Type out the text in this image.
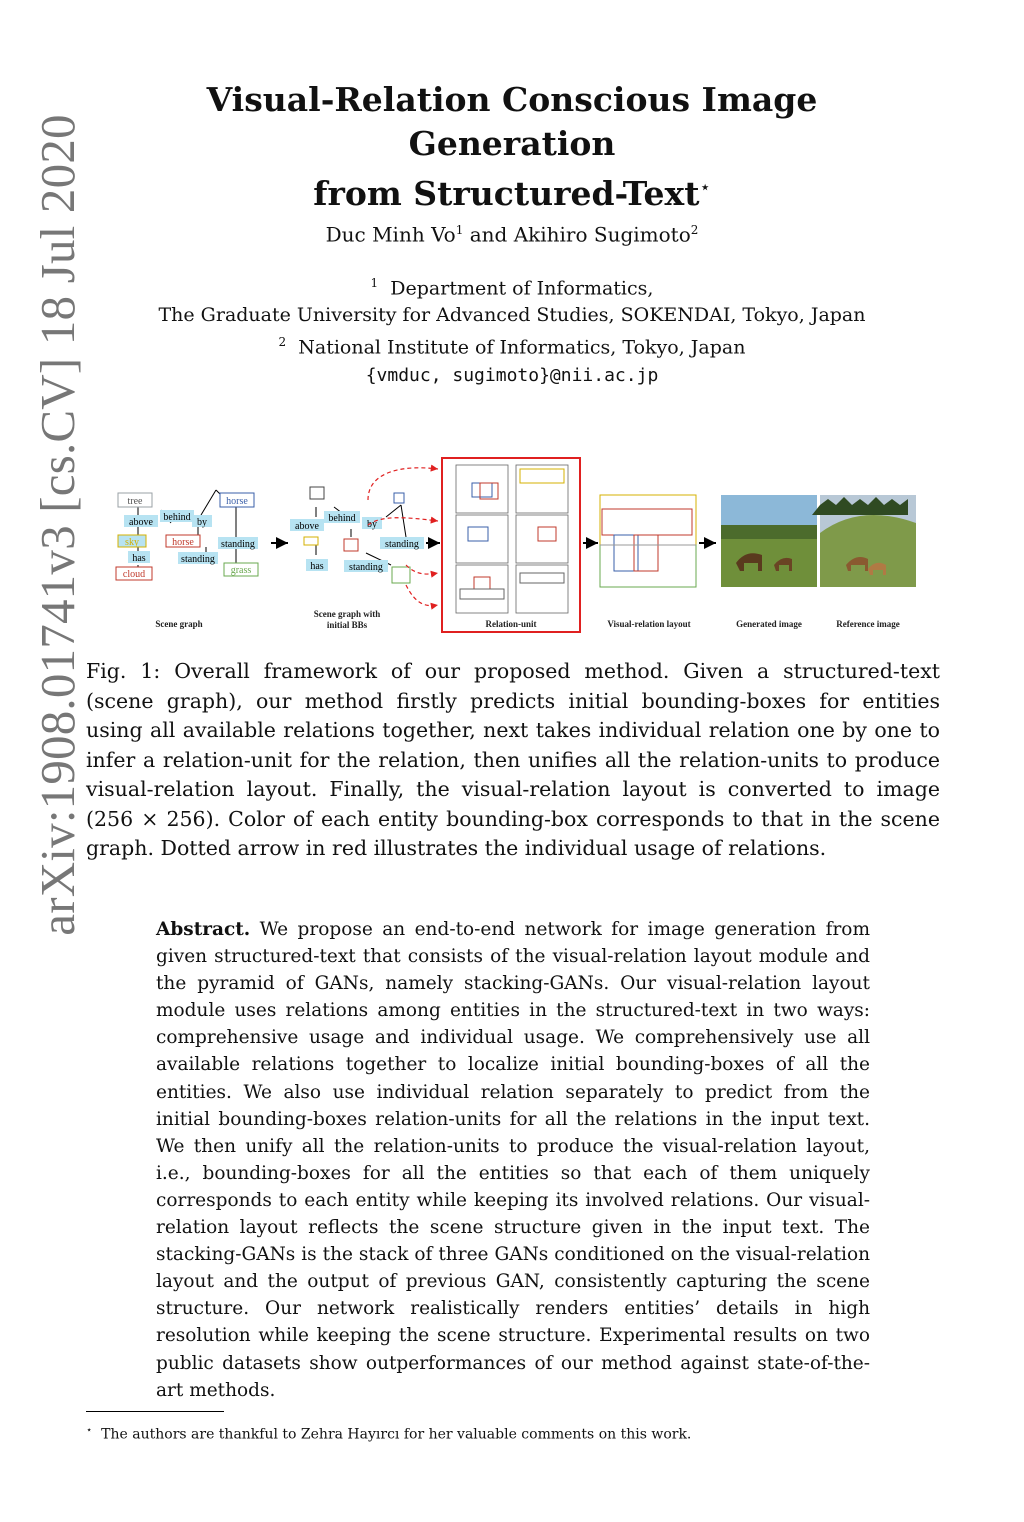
arXiv:1908.01741v3 [cs.CV] 18 Jul 2020
Visual-Relation Conscious Image Generation
from Structured-Text⋆
Duc Minh Vo$^1$ and Akihiro Sugimoto$^2$
$^1$ Department of Informatics,
The Graduate University for Advanced Studies, SOKENDAI, Tokyo, Japan
$^2$ National Institute of Informatics, Tokyo, Japan
{vmduc, sugimoto}@nii.ac.jp
tree	horse
above behind by
sky	horse	standing
has	standing
cloud	grass
Scene graph
above
behind
by
standing
has	standing
Scene graph with
initial BBs	Relation-unit	Visual-relation layout	Generated image	Reference image
Fig. 1: Overall framework of our proposed method. Given a structured-text (scene graph), our method firstly predicts initial bounding-boxes for entities using all available relations together, next takes individual relation one by one to infer a relation-unit for the relation, then unifies all the relation-units to produce visual-relation layout. Finally, the visual-relation layout is converted to image (256 × 256). Color of each entity bounding-box corresponds to that in the scene graph. Dotted arrow in red illustrates the individual usage of relations.
Abstract. We propose an end-to-end network for image generation from given structured-text that consists of the visual-relation layout module and the pyramid of GANs, namely stacking-GANs. Our visual-relation layout module uses relations among entities in the structured-text in two ways: comprehensive usage and individual usage. We comprehensively use all available relations together to localize initial bounding-boxes of all the entities. We also use individual relation separately to predict from the initial bounding-boxes relation-units for all the relations in the input text. We then unify all the relation-units to produce the visual-relation layout, i.e., bounding-boxes for all the entities so that each of them uniquely corresponds to each entity while keeping its involved relations. Our visual-relation layout reflects the scene structure given in the input text. The stacking-GANs is the stack of three GANs conditioned on the visual-relation layout and the output of previous GAN, consistently capturing the scene structure. Our network realistically renders entities’ details in high resolution while keeping the scene structure. Experimental results on two public datasets show outperformances of our method against state-of-the-art methods.
⋆ The authors are thankful to Zehra Hayırcı for her valuable comments on this work.
